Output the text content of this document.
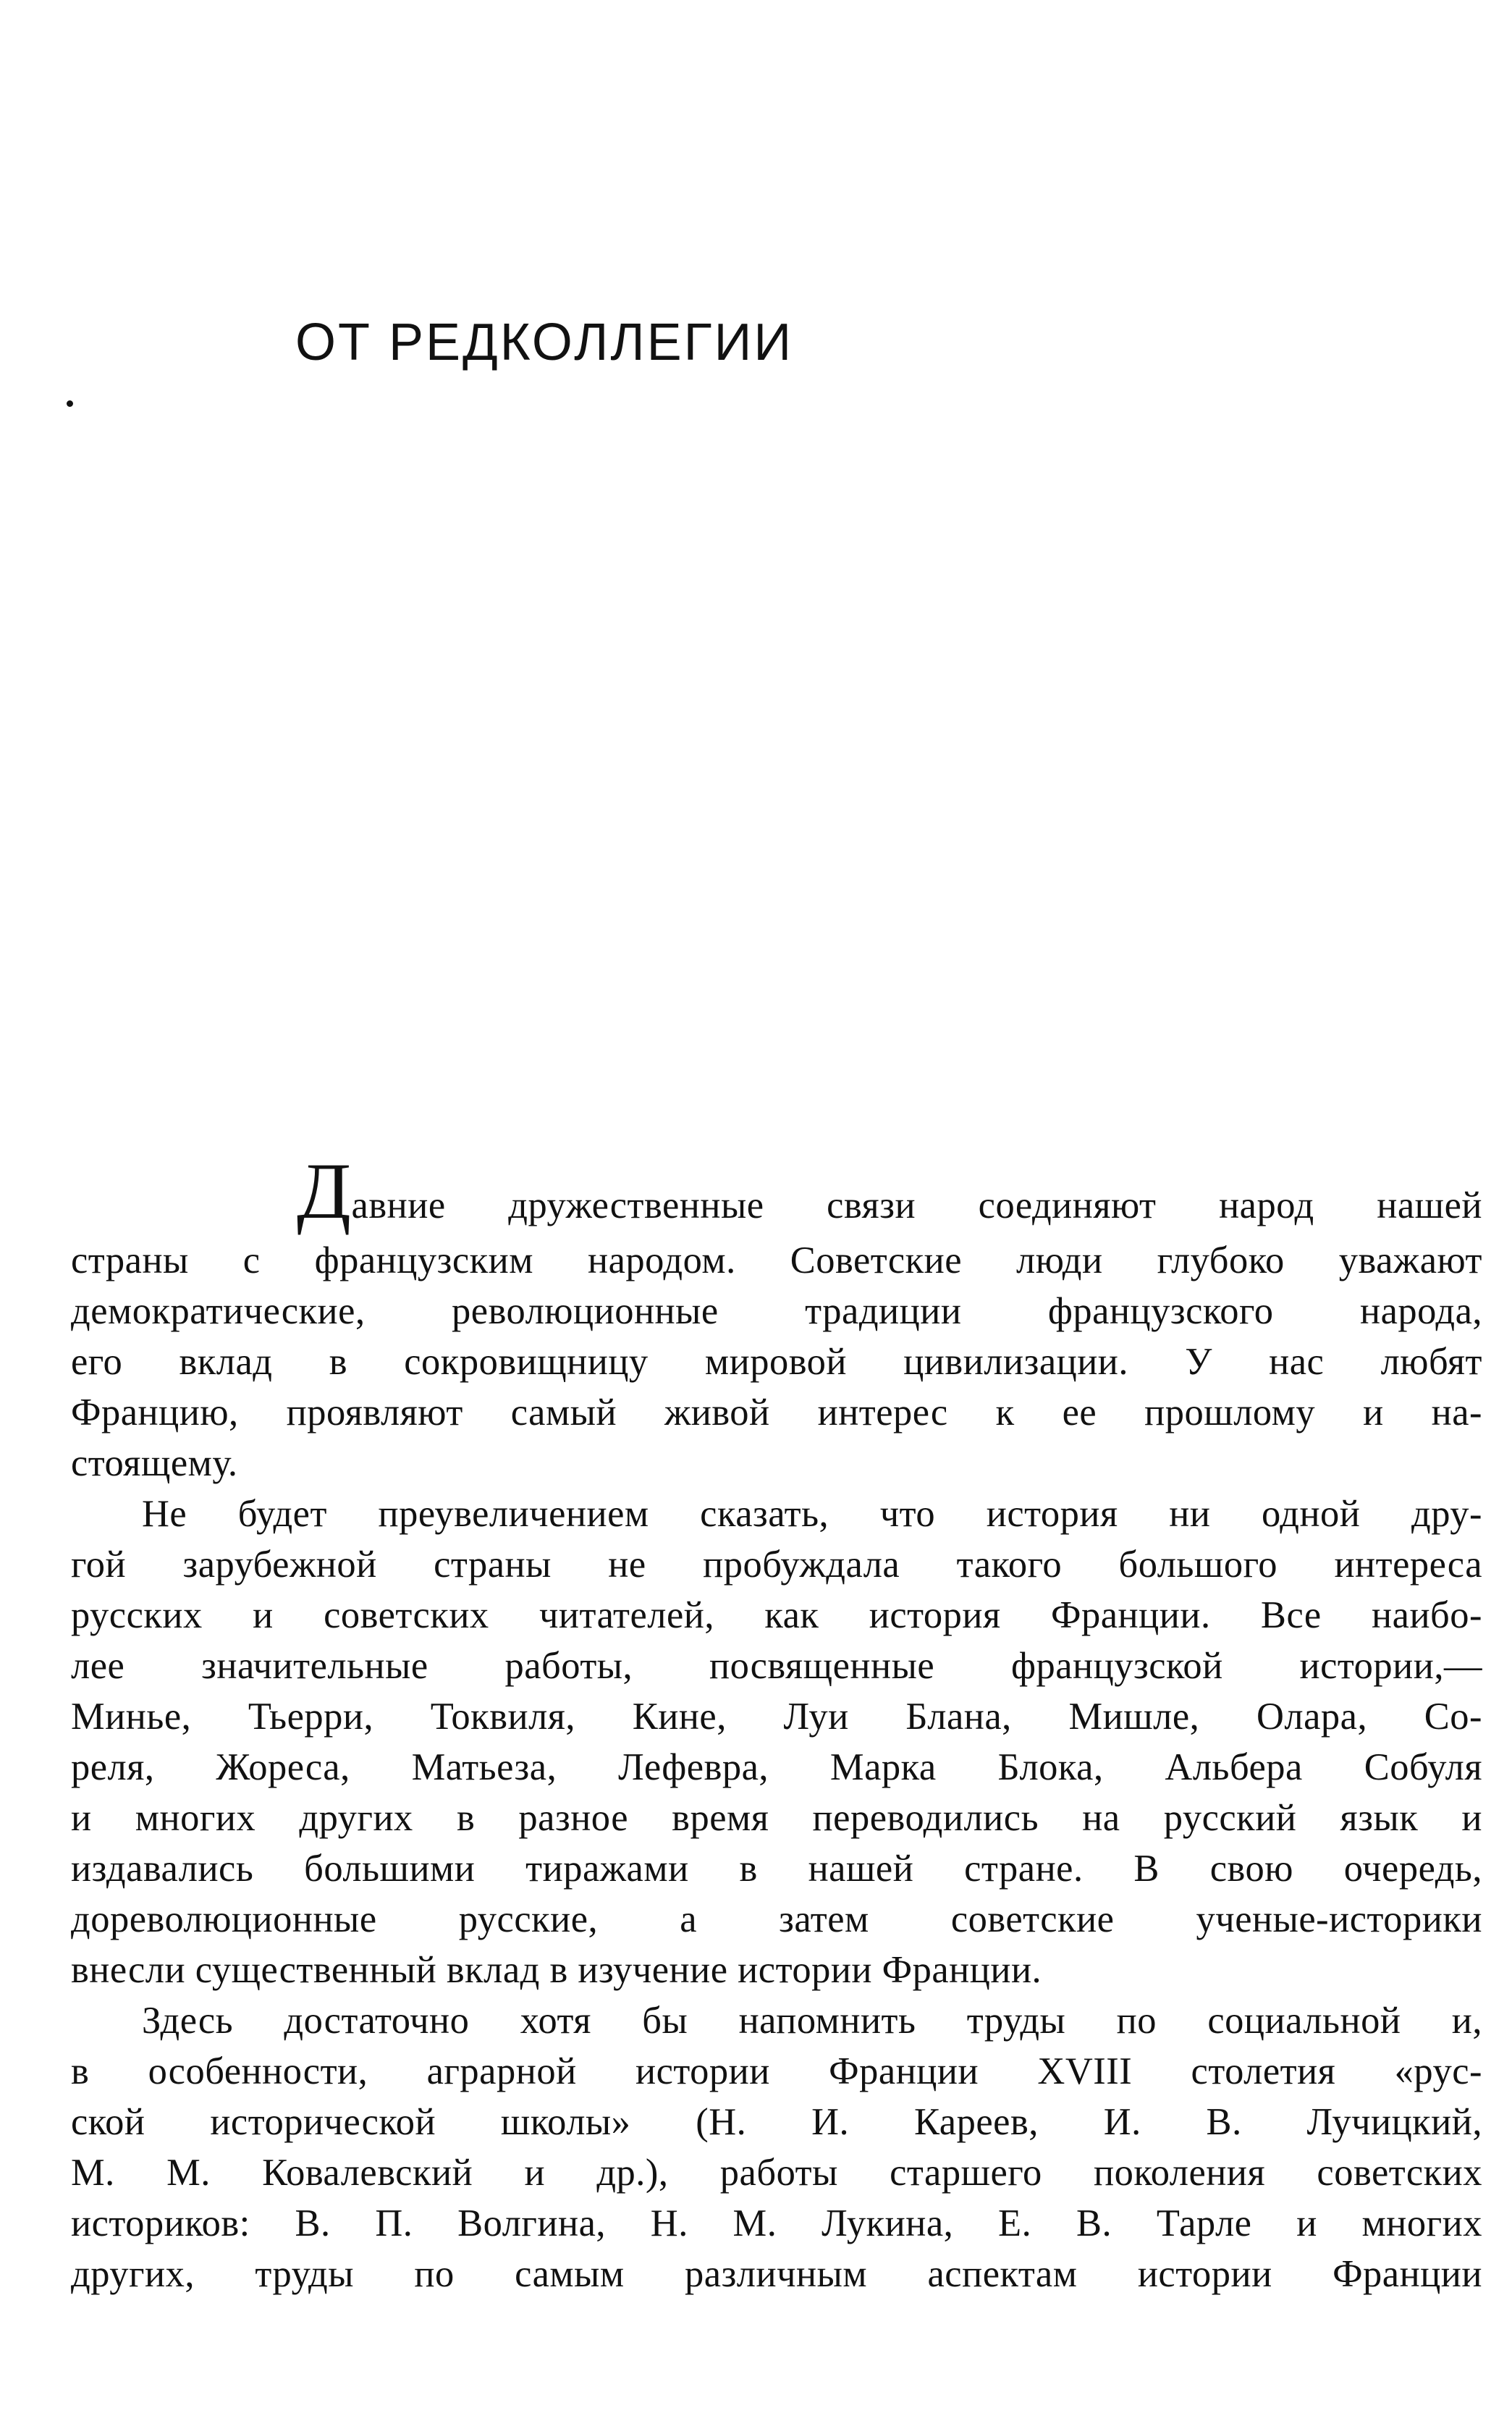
ОТ РЕДКОЛЛЕГИИ
Давние дружественные связи соединяют народ нашей
страны с французским народом. Советские люди глубоко уважают
демократические, революционные традиции французского народа,
его вклад в сокровищницу мировой цивилизации. У нас любят
Францию, проявляют самый живой интерес к ее прошлому и на-
стоящему.
Не будет преувеличением сказать, что история ни одной дру-
гой зарубежной страны не пробуждала такого большого интереса
русских и советских читателей, как история Франции. Все наибо-
лее значительные работы, посвященные французской истории,—
Минье, Тьерри, Токвиля, Кине, Луи Блана, Мишле, Олара, Со-
реля, Жореса, Матьеза, Лефевра, Марка Блока, Альбера Собуля
и многих других в разное время переводились на русский язык и
издавались большими тиражами в нашей стране. В свою очередь,
дореволюционные русские, а затем советские ученые-историки
внесли существенный вклад в изучение истории Франции.
Здесь достаточно хотя бы напомнить труды по социальной и,
в особенности, аграрной истории Франции XVIII столетия «рус-
ской исторической школы» (Н. И. Кареев, И. В. Лучицкий,
М. М. Ковалевский и др.), работы старшего поколения советских
историков: В. П. Волгина, Н. М. Лукина, Е. В. Тарле и многих
других, труды по самым различным аспектам истории Франции
